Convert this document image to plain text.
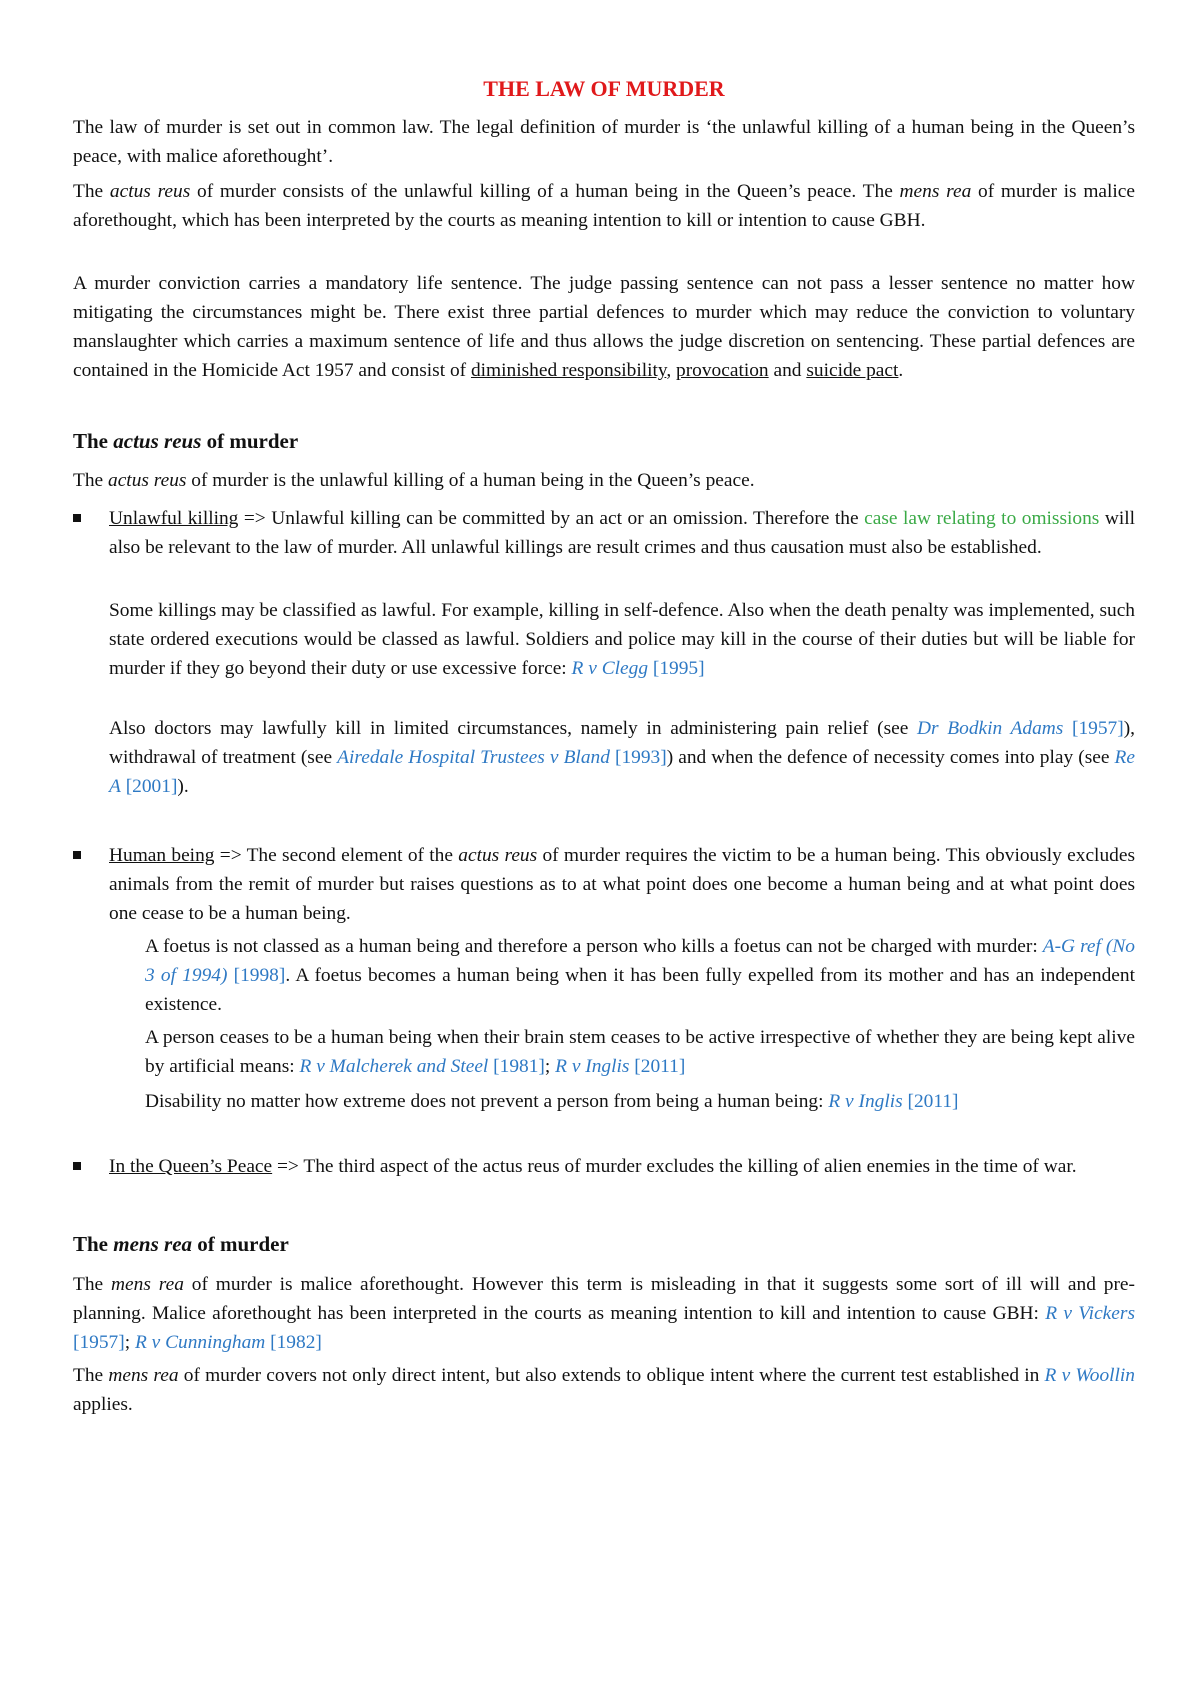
THE LAW OF MURDER

The law of murder is set out in common law. The legal definition of murder is ‘the unlawful killing of a human being in the Queen’s peace, with malice aforethought’.

The actus reus of murder consists of the unlawful killing of a human being in the Queen’s peace. The mens rea of murder is malice aforethought, which has been interpreted by the courts as meaning intention to kill or intention to cause GBH.

A murder conviction carries a mandatory life sentence. The judge passing sentence can not pass a lesser sentence no matter how mitigating the circumstances might be. There exist three partial defences to murder which may reduce the conviction to voluntary manslaughter which carries a maximum sentence of life and thus allows the judge discretion on sentencing. These partial defences are contained in the Homicide Act 1957 and consist of diminished responsibility, provocation and suicide pact.

The actus reus of murder

The actus reus of murder is the unlawful killing of a human being in the Queen’s peace.

Unlawful killing => Unlawful killing can be committed by an act or an omission. Therefore the case law relating to omissions will also be relevant to the law of murder. All unlawful killings are result crimes and thus causation must also be established.

Some killings may be classified as lawful. For example, killing in self-defence. Also when the death penalty was implemented, such state ordered executions would be classed as lawful. Soldiers and police may kill in the course of their duties but will be liable for murder if they go beyond their duty or use excessive force: R v Clegg [1995]

Also doctors may lawfully kill in limited circumstances, namely in administering pain relief (see Dr Bodkin Adams [1957]), withdrawal of treatment (see Airedale Hospital Trustees v Bland [1993]) and when the defence of necessity comes into play (see Re A [2001]).

Human being => The second element of the actus reus of murder requires the victim to be a human being. This obviously excludes animals from the remit of murder but raises questions as to at what point does one become a human being and at what point does one cease to be a human being.

A foetus is not classed as a human being and therefore a person who kills a foetus can not be charged with murder: A-G ref (No 3 of 1994) [1998]. A foetus becomes a human being when it has been fully expelled from its mother and has an independent existence.

A person ceases to be a human being when their brain stem ceases to be active irrespective of whether they are being kept alive by artificial means: R v Malcherek and Steel [1981]; R v Inglis [2011]

Disability no matter how extreme does not prevent a person from being a human being: R v Inglis [2011]

In the Queen’s Peace => The third aspect of the actus reus of murder excludes the killing of alien enemies in the time of war.

The mens rea of murder

The mens rea of murder is malice aforethought. However this term is misleading in that it suggests some sort of ill will and pre-planning. Malice aforethought has been interpreted in the courts as meaning intention to kill and intention to cause GBH: R v Vickers [1957]; R v Cunningham [1982]

The mens rea of murder covers not only direct intent, but also extends to oblique intent where the current test established in R v Woollin applies.
